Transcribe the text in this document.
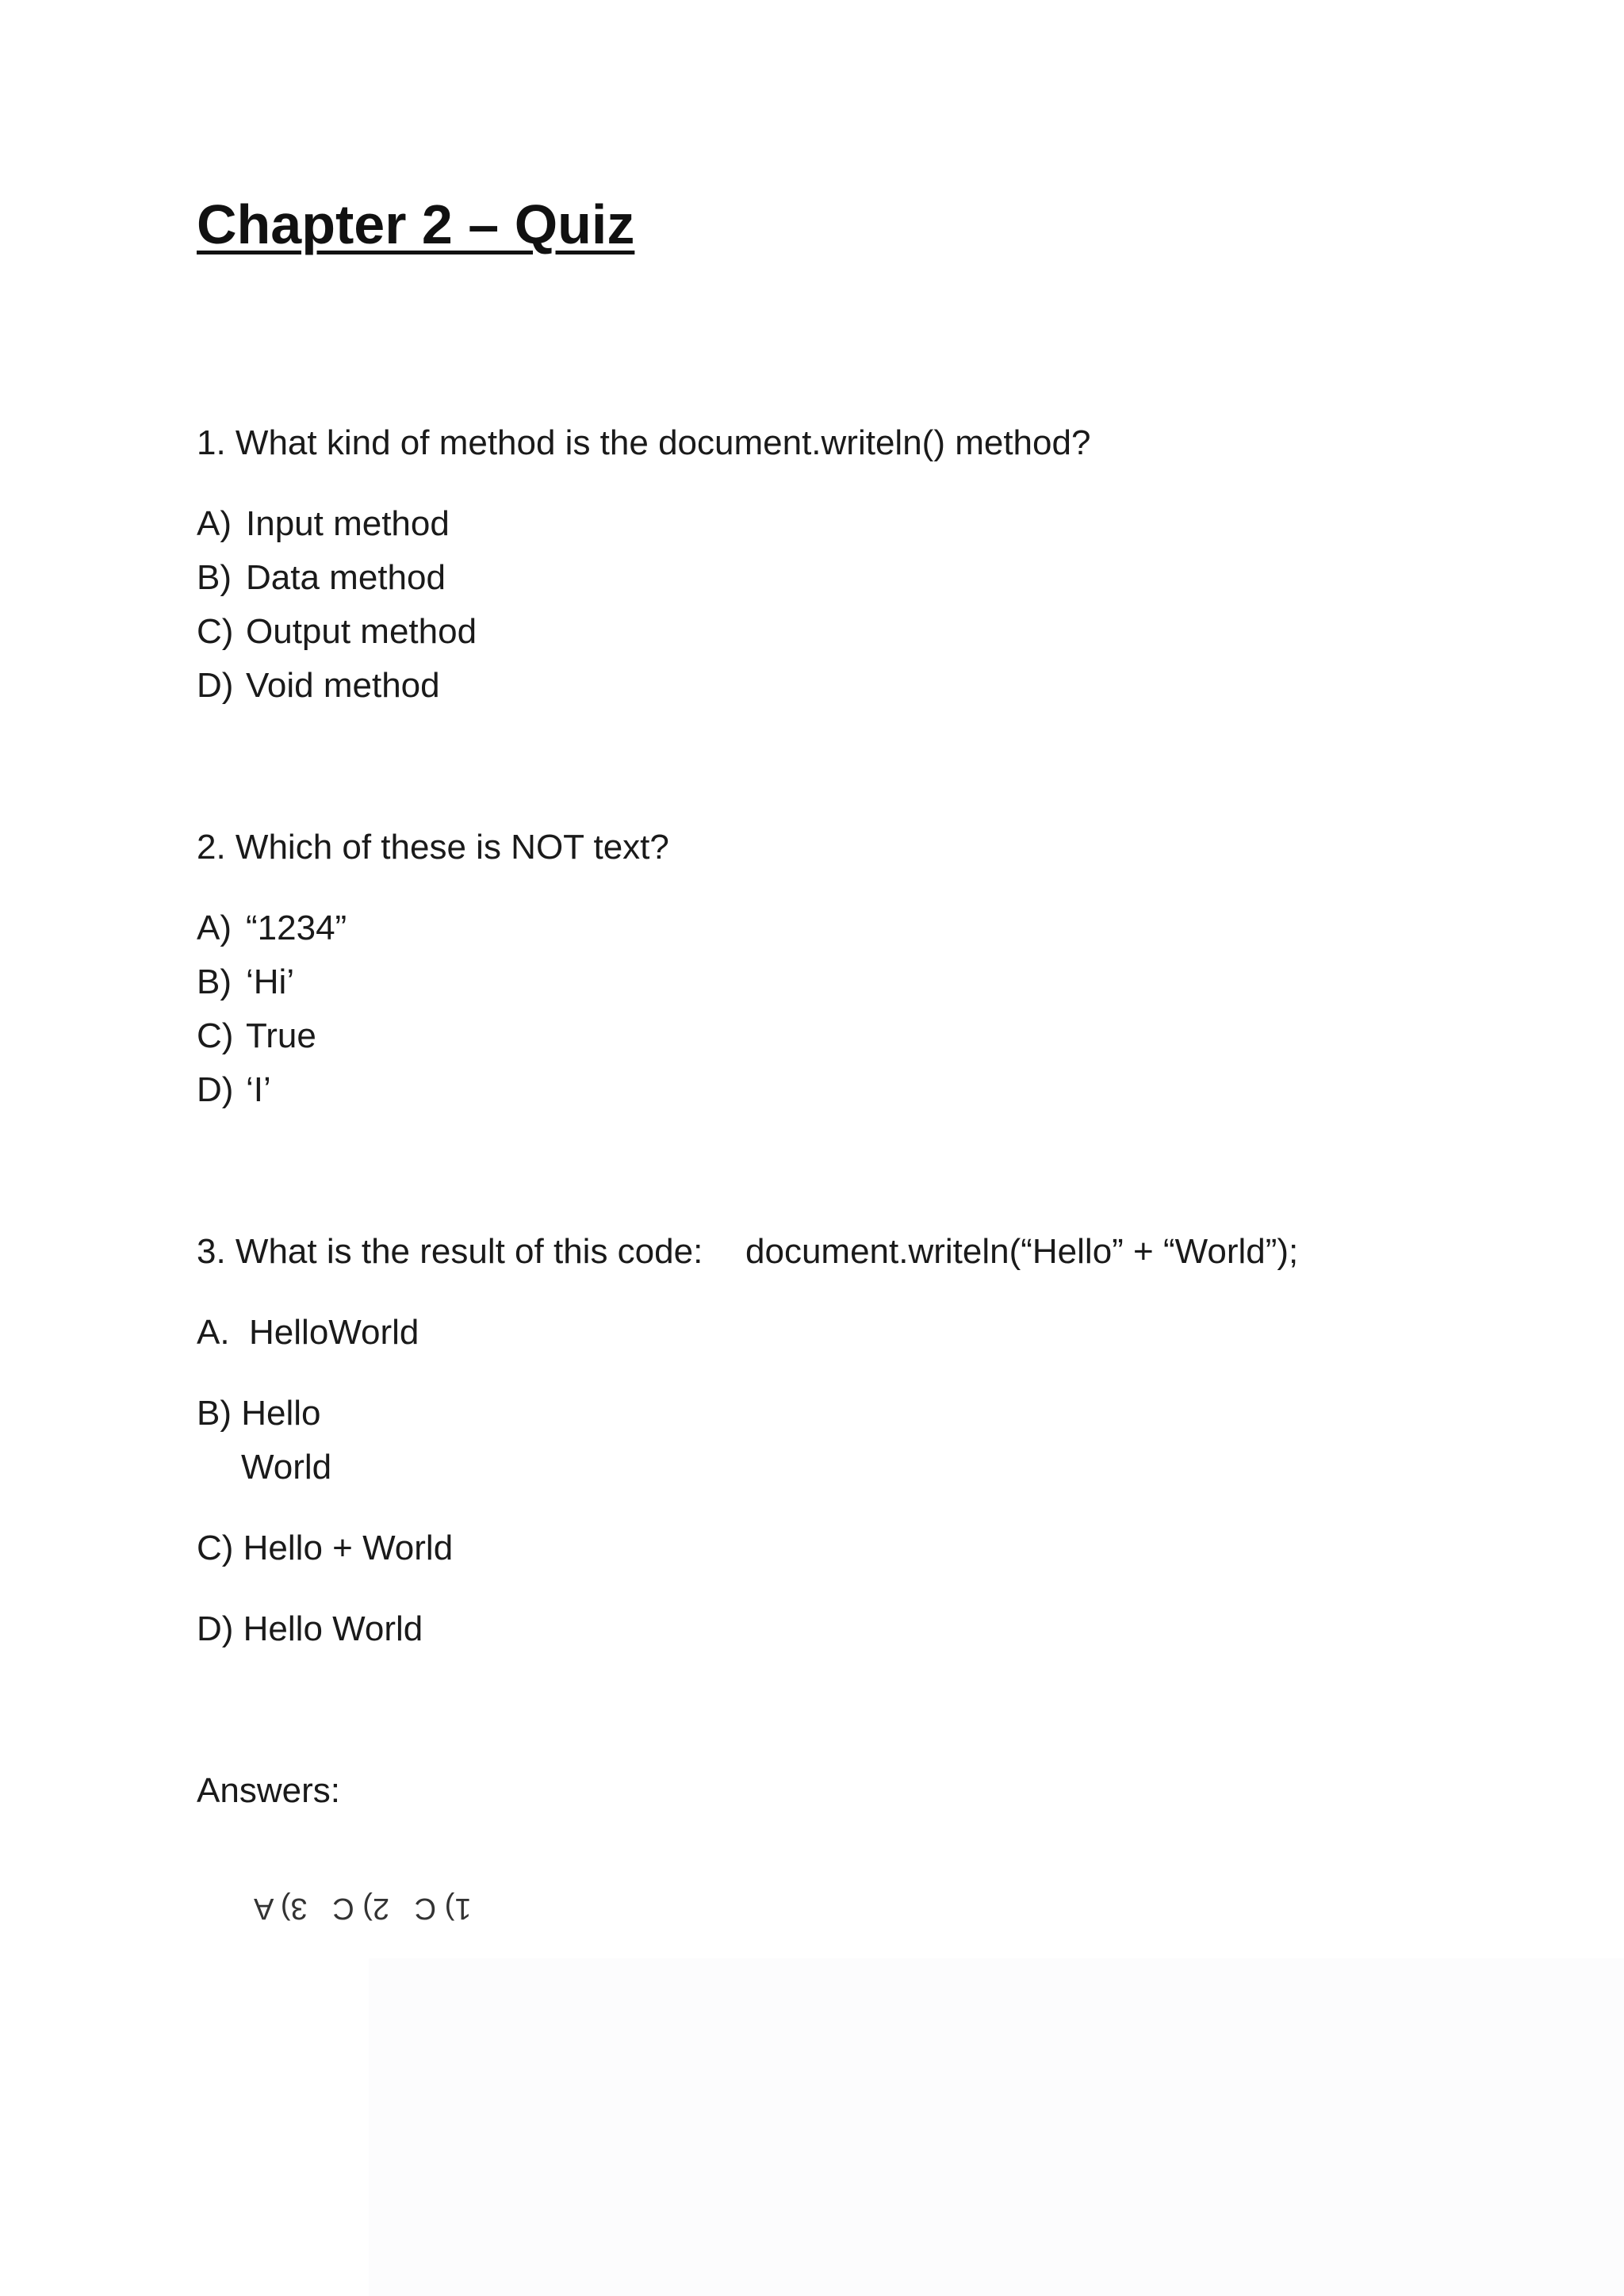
Chapter 2 – Quiz
1. What kind of method is the document.writeln() method?
A) Input method
B) Data method
C) Output method
D) Void method
2. Which of these is NOT text?
A) “1234”
B) ‘Hi’
C) True
D) ‘I’
3. What is the result of this code: document.writeln(“Hello” + “World”);
A.  HelloWorld
B) Hello
World
C) Hello + World
D) Hello World
Answers:
1) C   2) C   3) A
